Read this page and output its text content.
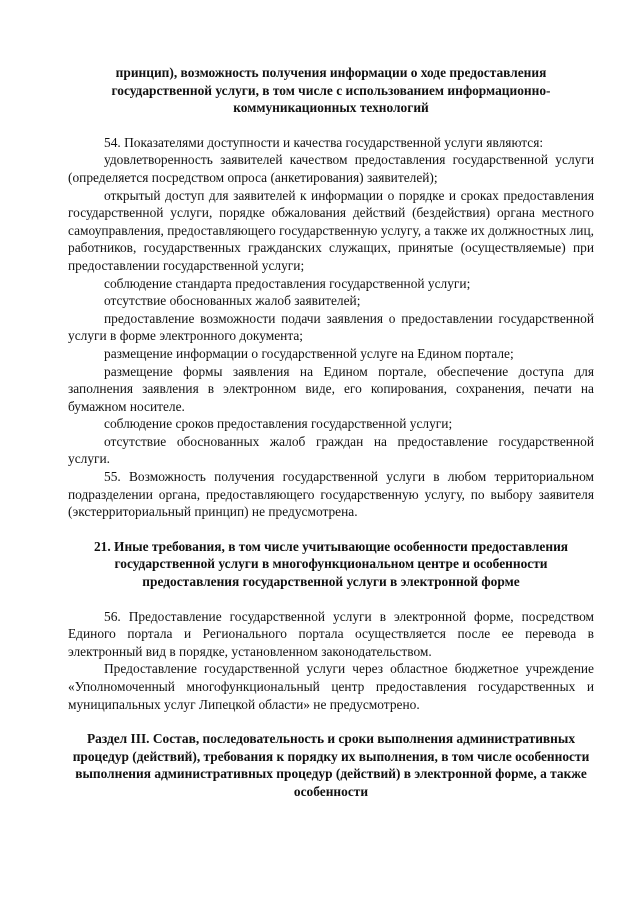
принцип), возможность получения информации о ходе предоставления государственной услуги, в том числе с использованием информационно-коммуникационных технологий

54. Показателями доступности и качества государственной услуги являются:

удовлетворенность заявителей качеством предоставления государственной услуги (определяется посредством опроса (анкетирования) заявителей);

открытый доступ для заявителей к информации о порядке и сроках предоставления государственной услуги, порядке обжалования действий (бездействия) органа местного самоуправления, предоставляющего государственную услугу, а также их должностных лиц, работников, государственных гражданских служащих, принятые (осуществляемые) при предоставлении государственной услуги;

соблюдение стандарта предоставления государственной услуги;

отсутствие обоснованных жалоб заявителей;

предоставление возможности подачи заявления о предоставлении государственной услуги в форме электронного документа;

размещение информации о государственной услуге на Едином портале;

размещение формы заявления на Едином портале, обеспечение доступа для заполнения заявления в электронном виде, его копирования, сохранения, печати на бумажном носителе.

соблюдение сроков предоставления государственной услуги;

отсутствие обоснованных жалоб граждан на предоставление государственной услуги.

55. Возможность получения государственной услуги в любом территориальном подразделении органа, предоставляющего государственную услугу, по выбору заявителя (экстерриториальный принцип) не предусмотрена.

21. Иные требования, в том числе учитывающие особенности предоставления государственной услуги в многофункциональном центре и особенности предоставления государственной услуги в электронной форме

56. Предоставление государственной услуги в электронной форме, посредством Единого портала и Регионального портала осуществляется после ее перевода в электронный вид в порядке, установленном законодательством.

Предоставление государственной услуги через областное бюджетное учреждение «Уполномоченный многофункциональный центр предоставления государственных и муниципальных услуг Липецкой области» не предусмотрено.

Раздел III. Состав, последовательность и сроки выполнения административных процедур (действий), требования к порядку их выполнения, в том числе особенности выполнения административных процедур (действий) в электронной форме, а также особенности
